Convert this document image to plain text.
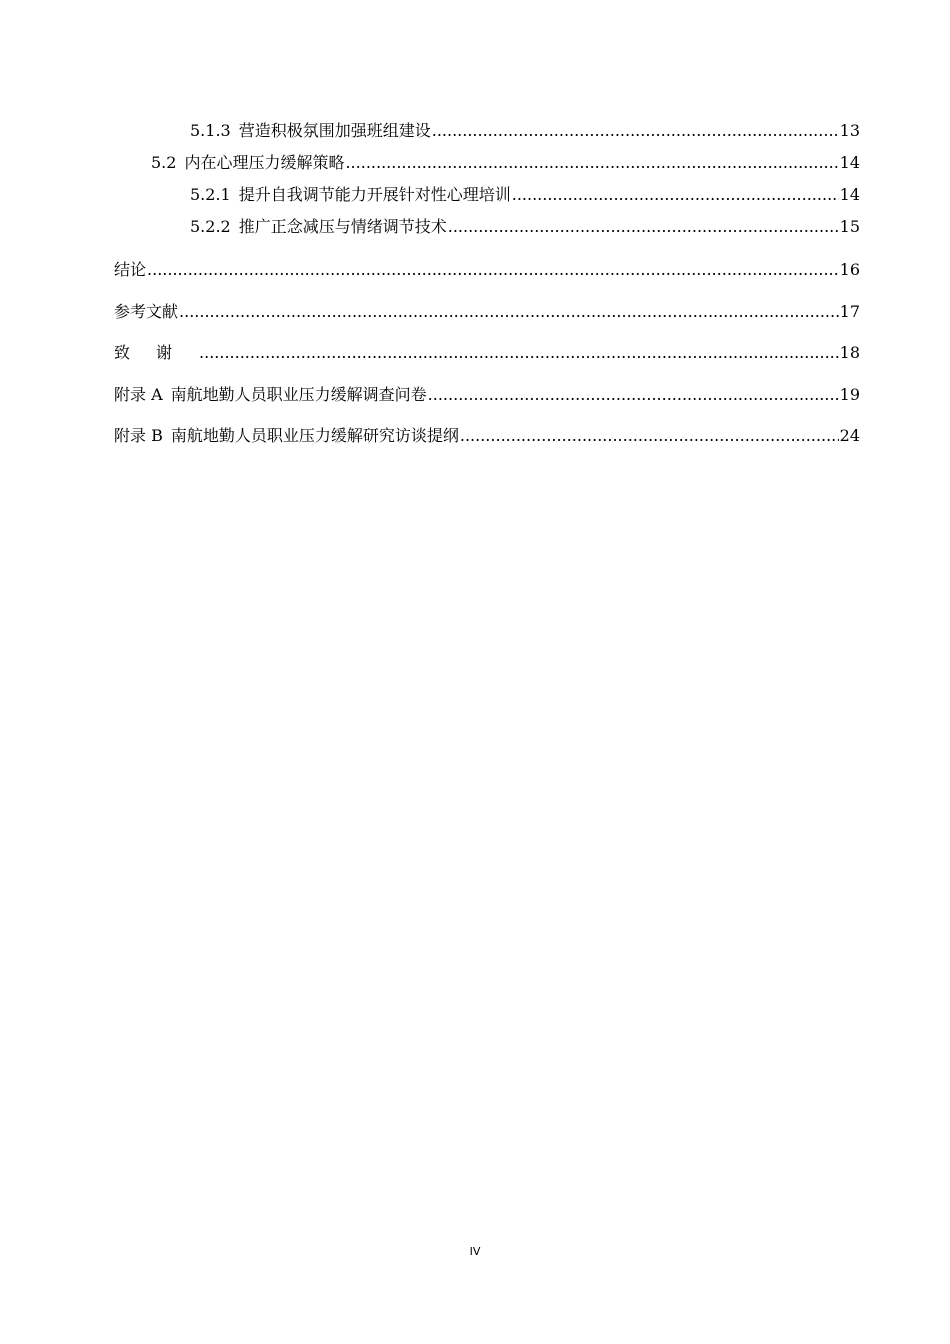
5.1.3 营造积极氛围加强班组建设 .....	13
5.2 内在心理压力缓解策略 .....	14
5.2.1 提升自我调节能力开展针对性心理培训 .....	14
5.2.2 推广正念减压与情绪调节技术 .....	15
结论 .....	16
参考文献 .....	17
致谢 .....	18
附录 A 南航地勤人员职业压力缓解调查问卷 .....	19
附录 B 南航地勤人员职业压力缓解研究访谈提纲 .....	24
IV
